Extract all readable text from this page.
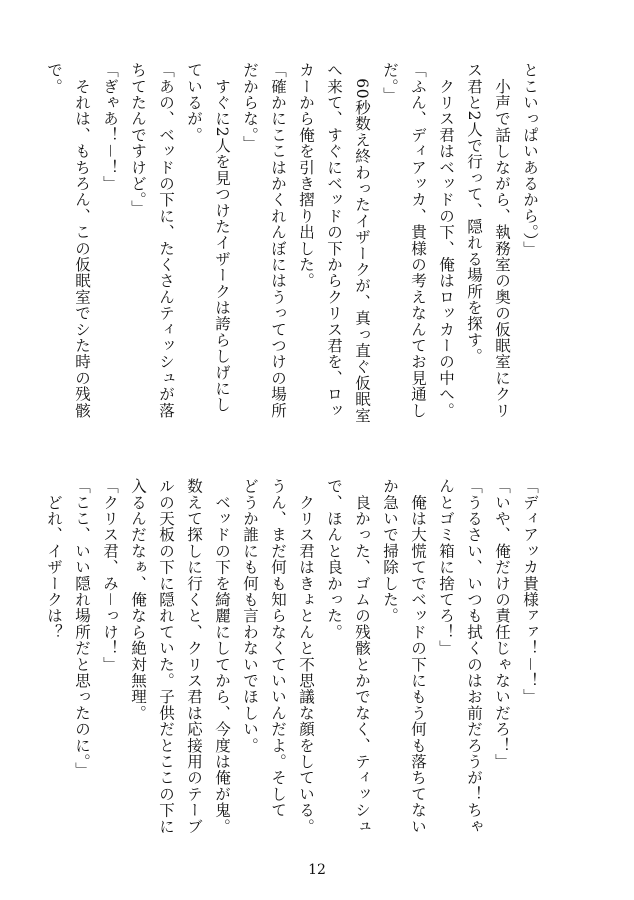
とこいっぱいあるから。）」
　小声で話しながら、執務室の奥の仮眠室にクリ
ス君と2人で行って、隠れる場所を探す。
　クリス君はベッドの下、俺はロッカーの中へ。
「ふん、ディアッカ、貴様の考えなんてお見通し
だ。」
　60秒数え終わったイザークが、真っ直ぐ仮眠室
へ来て、すぐにベッドの下からクリス君を、ロッ
カーから俺を引き摺り出した。
「確かにここはかくれんぼにはうってつけの場所
だからな。」
　すぐに2人を見つけたイザークは誇らしげにし
ているが。
「あの、ベッドの下に、たくさんティッシュが落
ちてたんですけど。」
「ぎゃあ！－！」
　それは、もちろん、この仮眠室でシた時の残骸
で。
「ディアッカ貴様ァァ！－！」
「いや、俺だけの責任じゃないだろ！」
「うるさい、いつも拭くのはお前だろうが！ちゃ
んとゴミ箱に捨てろ！」
　俺は大慌てでベッドの下にもう何も落ちてない
か急いで掃除した。
　良かった、ゴムの残骸とかでなく、ティッシュ
で、ほんと良かった。
　クリス君はきょとんと不思議な顔をしている。
うん、まだ何も知らなくていいんだよ。そして
どうか誰にも何も言わないでほしい。
　ベッドの下を綺麗にしてから、今度は俺が鬼。
数えて探しに行くと、クリス君は応接用のテーブ
ルの天板の下に隠れていた。子供だとここの下に
入るんだなぁ、俺なら絶対無理。
「クリス君、み－っけ！」
「ここ、いい隠れ場所だと思ったのに。」
　どれ、イザークは？
12
